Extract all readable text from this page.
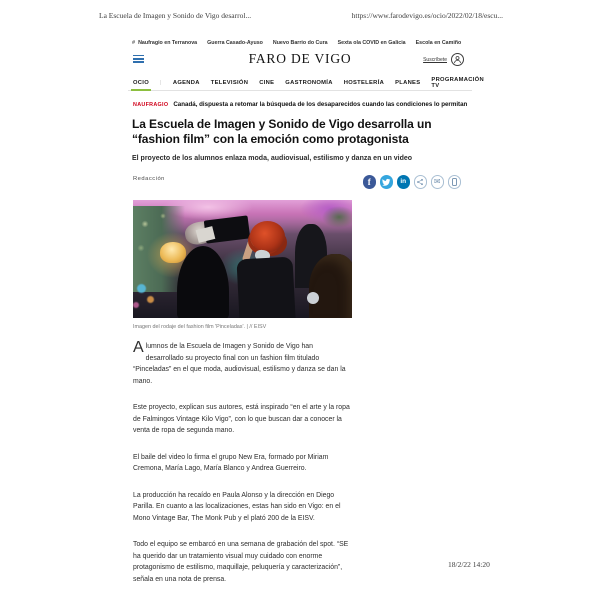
La Escuela de Imagen y Sonido de Vigo desarrol...	https://www.farodevigo.es/ocio/2022/02/18/escu...
18/2/22 14:20
# Naufragio en Terranova Guerra Casado-Ayuso Nuevo Barrio do Cura Sexta ola COVID en Galicia Escola en Camiño
FARO DE VIGO	Suscríbete
OCIO | AGENDA TELEVISIÓN CINE GASTRONOMÍA HOSTELERÍA PLANES PROGRAMACIÓN TV
NAUFRAGIO Canadá, dispuesta a retomar la búsqueda de los desaparecidos cuando las condiciones lo permitan
La Escuela de Imagen y Sonido de Vigo desarrolla un “fashion film” con la emoción como protagonista
El proyecto de los alumnos enlaza moda, audiovisual, estilismo y danza en un video
Redacción	f	in	✉
Imagen del rodaje del fashion film 'Pinceladas'. | // EISV

Alumnos de la Escuela de Imagen y Sonido de Vigo han desarrollado su proyecto final con un fashion film titulado “Pinceladas” en el que moda, audiovisual, estilismo y danza se dan la mano.

Este proyecto, explican sus autores, está inspirado “en el arte y la ropa de Falmingos Vintage Kilo Vigo”, con lo que buscan dar a conocer la venta de ropa de segunda mano.

El baile del video lo firma el grupo New Era, formado por Miriam Cremona, María Lago, María Blanco y Andrea Guerreiro.

La producción ha recaído en Paula Alonso y la dirección en Diego Parilla. En cuanto a las localizaciones, estas han sido en Vigo: en el Mono Vintage Bar, The Monk Pub y el plató 200 de la EISV.

Todo el equipo se embarcó en una semana de grabación del spot. “SE ha querido dar un tratamiento visual muy cuidado con enorme protagonismo de estilismo, maquillaje, peluquería y caracterización”, señala en una nota de prensa.
